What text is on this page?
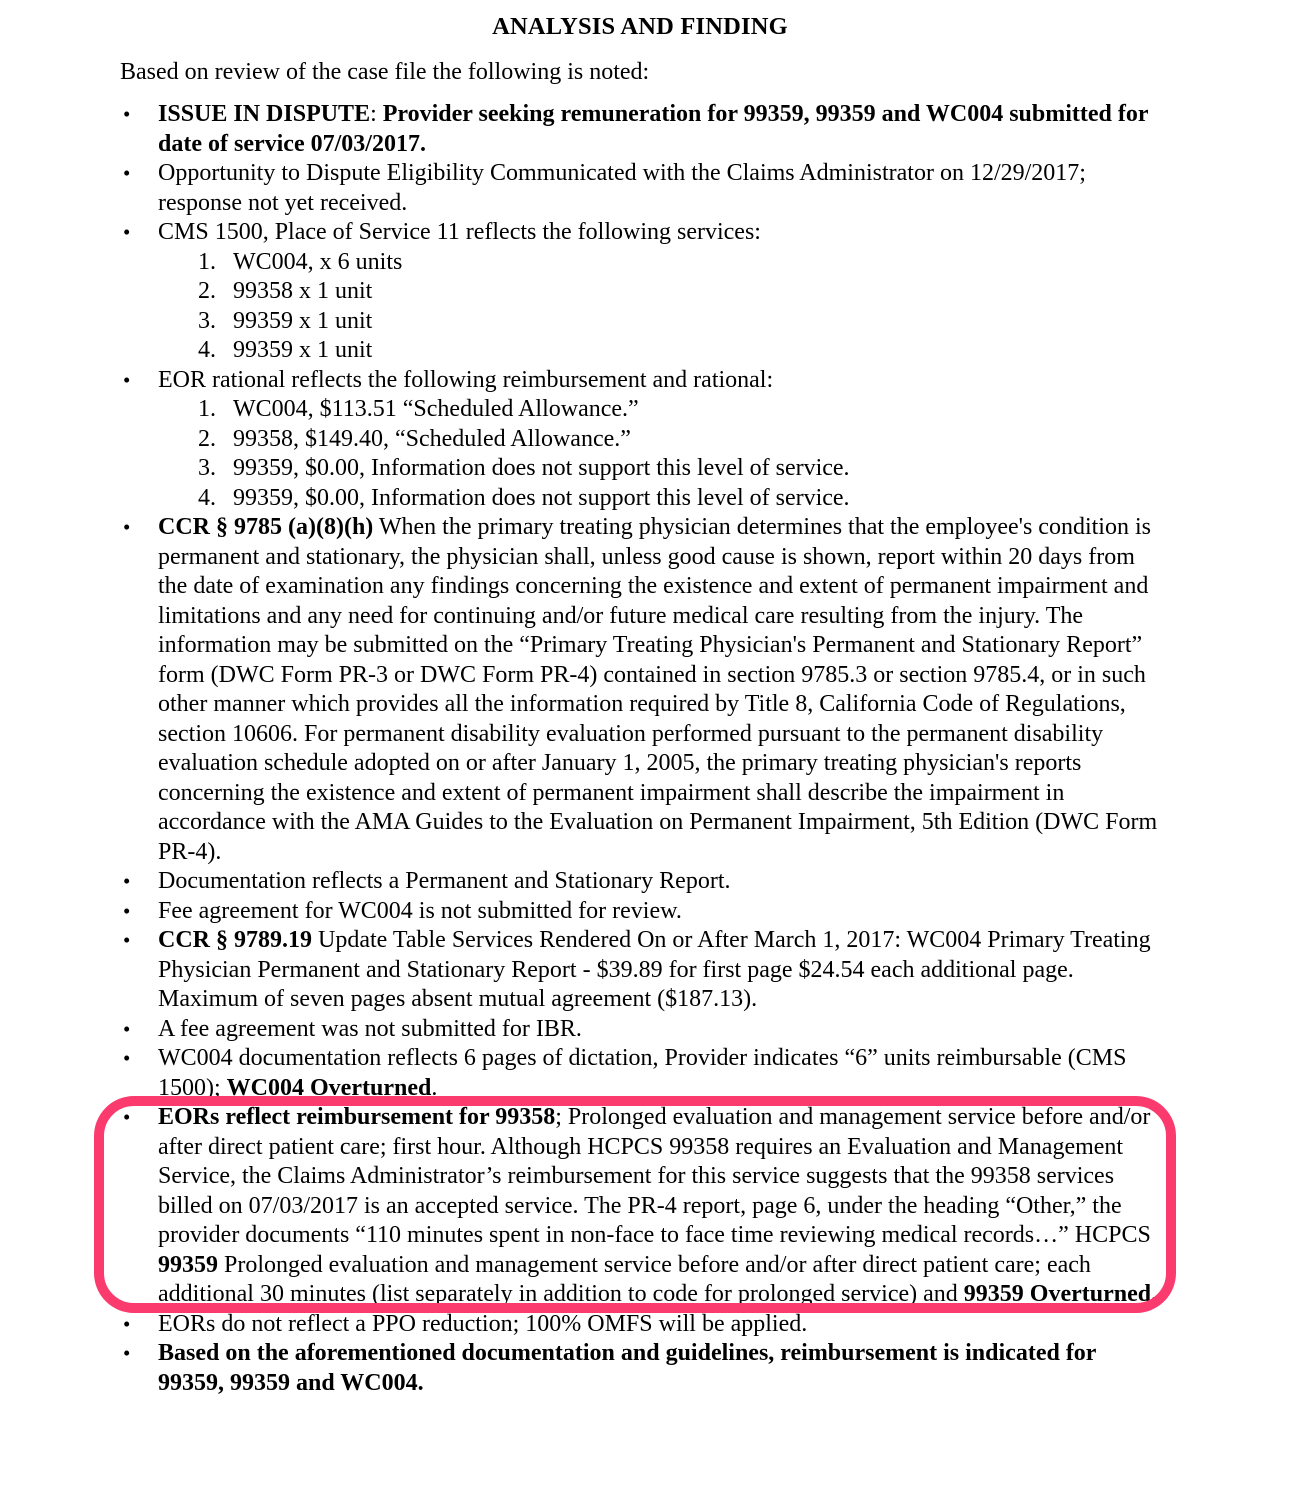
ANALYSIS AND FINDING

Based on review of the case file the following is noted:

•	ISSUE IN DISPUTE: Provider seeking remuneration for 99359, 99359 and WC004 submitted for date of service 07/03/2017.
•	Opportunity to Dispute Eligibility Communicated with the Claims Administrator on 12/29/2017; response not yet received.
•	CMS 1500, Place of Service 11 reflects the following services:
1. WC004, x 6 units
2. 99358 x 1 unit
3. 99359 x 1 unit
4. 99359 x 1 unit
•	EOR rational reflects the following reimbursement and rational:
1. WC004, $113.51 “Scheduled Allowance.”
2. 99358, $149.40, “Scheduled Allowance.”
3. 99359, $0.00, Information does not support this level of service.
4. 99359, $0.00, Information does not support this level of service.
•	CCR § 9785 (a)(8)(h) When the primary treating physician determines that the employee's condition is permanent and stationary, the physician shall, unless good cause is shown, report within 20 days from the date of examination any findings concerning the existence and extent of permanent impairment and limitations and any need for continuing and/or future medical care resulting from the injury. The information may be submitted on the “Primary Treating Physician's Permanent and Stationary Report” form (DWC Form PR-3 or DWC Form PR-4) contained in section 9785.3 or section 9785.4, or in such other manner which provides all the information required by Title 8, California Code of Regulations, section 10606. For permanent disability evaluation performed pursuant to the permanent disability evaluation schedule adopted on or after January 1, 2005, the primary treating physician's reports concerning the existence and extent of permanent impairment shall describe the impairment in accordance with the AMA Guides to the Evaluation on Permanent Impairment, 5th Edition (DWC Form PR-4).
•	Documentation reflects a Permanent and Stationary Report.
•	Fee agreement for WC004 is not submitted for review.
•	CCR § 9789.19 Update Table Services Rendered On or After March 1, 2017: WC004 Primary Treating Physician Permanent and Stationary Report - $39.89 for first page $24.54 each additional page. Maximum of seven pages absent mutual agreement ($187.13).
•	A fee agreement was not submitted for IBR.
•	WC004 documentation reflects 6 pages of dictation, Provider indicates “6” units reimbursable (CMS 1500); WC004 Overturned.
•	EORs reflect reimbursement for 99358; Prolonged evaluation and management service before and/or after direct patient care; first hour. Although HCPCS 99358 requires an Evaluation and Management Service, the Claims Administrator’s reimbursement for this service suggests that the 99358 services billed on 07/03/2017 is an accepted service. The PR-4 report, page 6, under the heading “Other,” the provider documents “110 minutes spent in non-face to face time reviewing medical records…” HCPCS 99359 Prolonged evaluation and management service before and/or after direct patient care; each additional 30 minutes (list separately in addition to code for prolonged service) and 99359 Overturned.
•	EORs do not reflect a PPO reduction; 100% OMFS will be applied.
•	Based on the aforementioned documentation and guidelines, reimbursement is indicated for 99359, 99359 and WC004.
